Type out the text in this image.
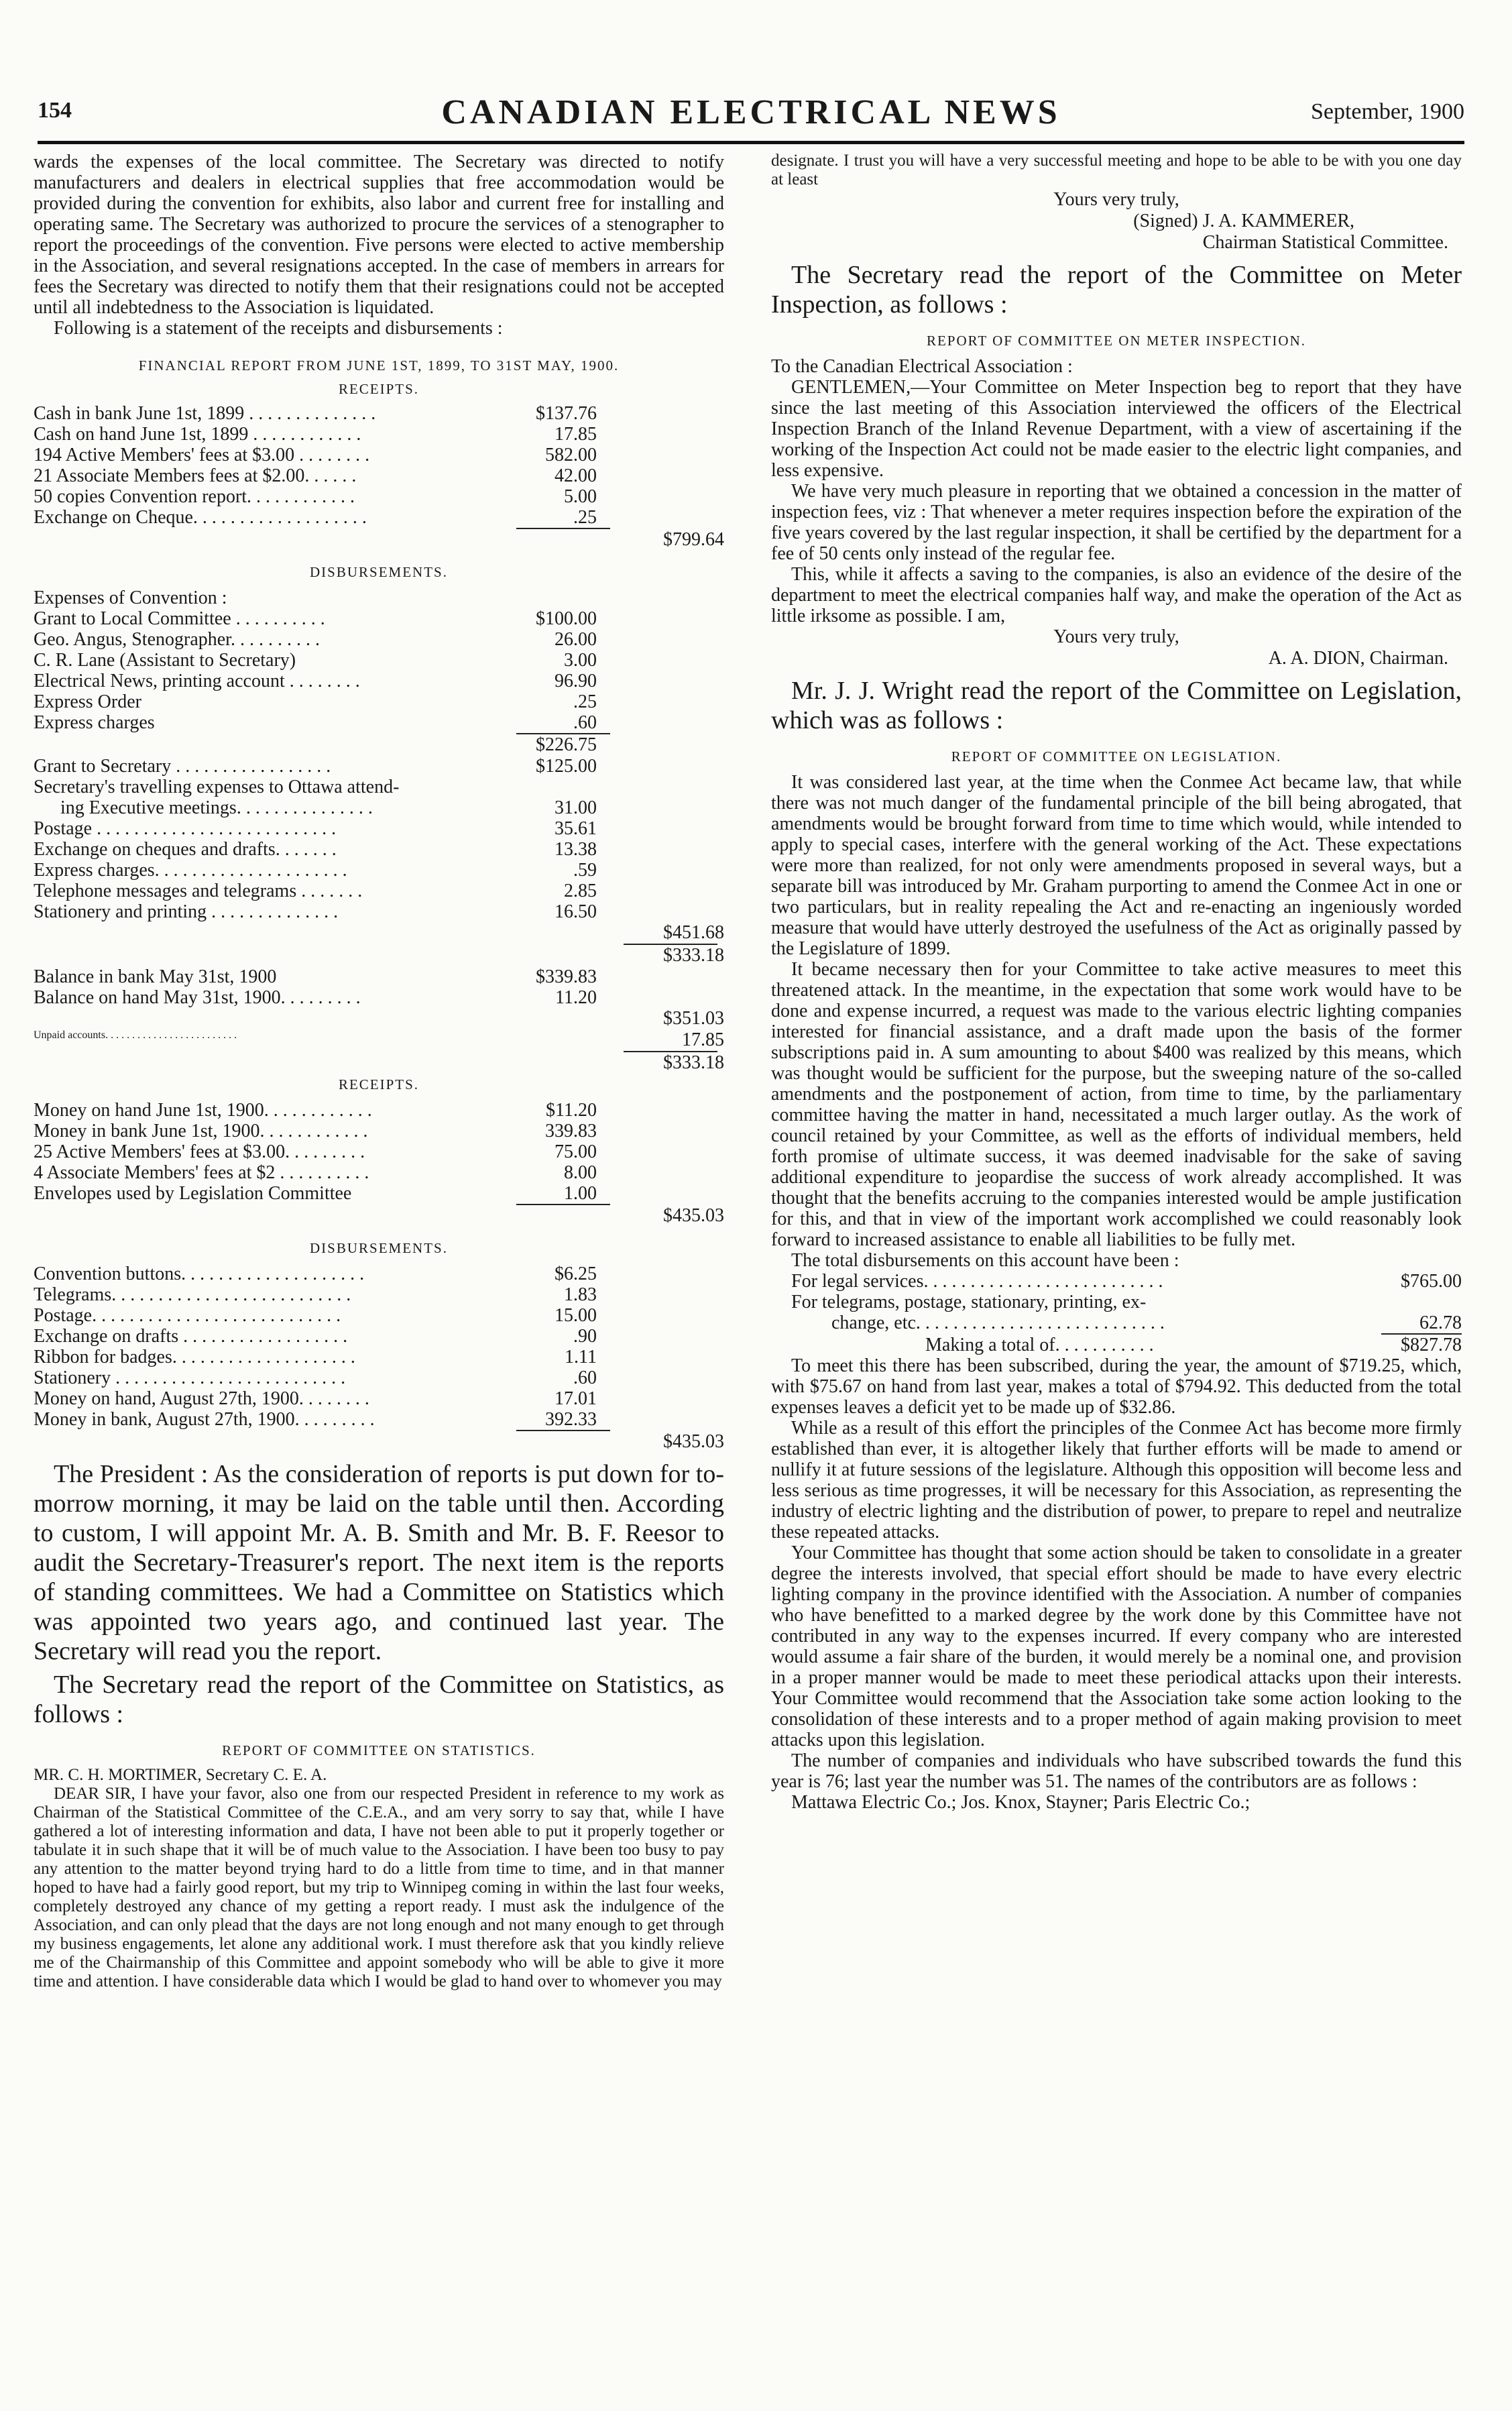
154	CANADIAN ELECTRICAL NEWS	September, 1900

wards the expenses of the local committee. The Secretary was directed to notify manufacturers and dealers in electrical supplies that free accommodation would be provided during the convention for exhibits, also labor and current free for installing and operating same. The Secretary was authorized to procure the services of a stenographer to report the proceedings of the convention. Five persons were elected to active membership in the Association, and several resignations accepted. In the case of members in arrears for fees the Secretary was directed to notify them that their resignations could not be accepted until all indebtedness to the Association is liquidated.

Following is a statement of the receipts and disbursements :

FINANCIAL REPORT FROM JUNE 1ST, 1899, TO 31ST MAY, 1900.

RECEIPTS.

Cash in bank June 1st, 1899 . . . . . . . . . . . . . .	$137.76
Cash on hand June 1st, 1899 . . . . . . . . . . . .	17.85
194 Active Members' fees at $3.00 . . . . . . . .	582.00
21 Associate Members fees at $2.00. . . . . .	42.00
50 copies Convention report. . . . . . . . . . . .	5.00
Exchange on Cheque. . . . . . . . . . . . . . . . . . .	.25
$799.64

DISBURSEMENTS.

Expenses of Convention :

Grant to Local Committee . . . . . . . . . .	$100.00
Geo. Angus, Stenographer. . . . . . . . . .	26.00
C. R. Lane (Assistant to Secretary)	3.00
Electrical News, printing account . . . . . . . .	96.90
Express Order	.25
Express charges	.60
$226.75
Grant to Secretary . . . . . . . . . . . . . . . . .	$125.00
Secretary's travelling expenses to Ottawa attend-
ing Executive meetings. . . . . . . . . . . . . . .	31.00
Postage . . . . . . . . . . . . . . . . . . . . . . . . . .	35.61
Exchange on cheques and drafts. . . . . . .	13.38
Express charges. . . . . . . . . . . . . . . . . . . . .	.59
Telephone messages and telegrams . . . . . . .	2.85
Stationery and printing . . . . . . . . . . . . . .	16.50
$451.68
$333.18
Balance in bank May 31st, 1900	$339.83
Balance on hand May 31st, 1900. . . . . . . . .	11.20
$351.03
Unpaid accounts. . . . . . . . . . . . . . . . . . . . . . . . .	17.85
$333.18

RECEIPTS.

Money on hand June 1st, 1900. . . . . . . . . . . .	$11.20
Money in bank June 1st, 1900. . . . . . . . . . . .	339.83
25 Active Members' fees at $3.00. . . . . . . . .	75.00
4 Associate Members' fees at $2 . . . . . . . . . .	8.00
Envelopes used by Legislation Committee	1.00
$435.03

DISBURSEMENTS.

Convention buttons. . . . . . . . . . . . . . . . . . . .	$6.25
Telegrams. . . . . . . . . . . . . . . . . . . . . . . . . .	1.83
Postage. . . . . . . . . . . . . . . . . . . . . . . . . . .	15.00
Exchange on drafts . . . . . . . . . . . . . . . . . .	.90
Ribbon for badges. . . . . . . . . . . . . . . . . . . .	1.11
Stationery . . . . . . . . . . . . . . . . . . . . . . . . .	.60
Money on hand, August 27th, 1900. . . . . . . .	17.01
Money in bank, August 27th, 1900. . . . . . . . .	392.33
$435.03

The President : As the consideration of reports is put down for to-morrow morning, it may be laid on the table until then. According to custom, I will appoint Mr. A. B. Smith and Mr. B. F. Reesor to audit the Secretary-Treasurer's report. The next item is the reports of standing committees. We had a Committee on Statistics which was appointed two years ago, and continued last year. The Secretary will read you the report.

The Secretary read the report of the Committee on Statistics, as follows :

REPORT OF COMMITTEE ON STATISTICS.

MR. C. H. MORTIMER, Secretary C. E. A.

DEAR SIR, I have your favor, also one from our respected President in reference to my work as Chairman of the Statistical Committee of the C.E.A., and am very sorry to say that, while I have gathered a lot of interesting information and data, I have not been able to put it properly together or tabulate it in such shape that it will be of much value to the Association. I have been too busy to pay any attention to the matter beyond trying hard to do a little from time to time, and in that manner hoped to have had a fairly good report, but my trip to Winnipeg coming in within the last four weeks, completely destroyed any chance of my getting a report ready. I must ask the indulgence of the Association, and can only plead that the days are not long enough and not many enough to get through my business engagements, let alone any additional work. I must therefore ask that you kindly relieve me of the Chairmanship of this Committee and appoint somebody who will be able to give it more time and attention. I have considerable data which I would be glad to hand over to whomever you may

designate. I trust you will have a very successful meeting and hope to be able to be with you one day at least

Yours very truly,

(Signed) J. A. KAMMERER,

Chairman Statistical Committee.

The Secretary read the report of the Committee on Meter Inspection, as follows :

REPORT OF COMMITTEE ON METER INSPECTION.

To the Canadian Electrical Association :

GENTLEMEN,—Your Committee on Meter Inspection beg to report that they have since the last meeting of this Association interviewed the officers of the Electrical Inspection Branch of the Inland Revenue Department, with a view of ascertaining if the working of the Inspection Act could not be made easier to the electric light companies, and less expensive.

We have very much pleasure in reporting that we obtained a concession in the matter of inspection fees, viz : That whenever a meter requires inspection before the expiration of the five years covered by the last regular inspection, it shall be certified by the department for a fee of 50 cents only instead of the regular fee.

This, while it affects a saving to the companies, is also an evidence of the desire of the department to meet the electrical companies half way, and make the operation of the Act as little irksome as possible. I am,

Yours very truly,

A. A. DION, Chairman.

Mr. J. J. Wright read the report of the Committee on Legislation, which was as follows :

REPORT OF COMMITTEE ON LEGISLATION.

It was considered last year, at the time when the Conmee Act became law, that while there was not much danger of the fundamental principle of the bill being abrogated, that amendments would be brought forward from time to time which would, while intended to apply to special cases, interfere with the general working of the Act. These expectations were more than realized, for not only were amendments proposed in several ways, but a separate bill was introduced by Mr. Graham purporting to amend the Conmee Act in one or two particulars, but in reality repealing the Act and re-enacting an ingeniously worded measure that would have utterly destroyed the usefulness of the Act as originally passed by the Legislature of 1899.

It became necessary then for your Committee to take active measures to meet this threatened attack. In the meantime, in the expectation that some work would have to be done and expense incurred, a request was made to the various electric lighting companies interested for financial assistance, and a draft made upon the basis of the former subscriptions paid in. A sum amounting to about $400 was realized by this means, which was thought would be sufficient for the purpose, but the sweeping nature of the so-called amendments and the postponement of action, from time to time, by the parliamentary committee having the matter in hand, necessitated a much larger outlay. As the work of council retained by your Committee, as well as the efforts of individual members, held forth promise of ultimate success, it was deemed inadvisable for the sake of saving additional expenditure to jeopardise the success of work already accomplished. It was thought that the benefits accruing to the companies interested would be ample justification for this, and that in view of the important work accomplished we could reasonably look forward to increased assistance to enable all liabilities to be fully met.

The total disbursements on this account have been :

For legal services. . . . . . . . . . . . . . . . . . . . . . . . . .	$765.00
For telegrams, postage, stationary, printing, ex-
change, etc. . . . . . . . . . . . . . . . . . . . . . . . . . .	62.78
Making a total of. . . . . . . . . . .	$827.78

To meet this there has been subscribed, during the year, the amount of $719.25, which, with $75.67 on hand from last year, makes a total of $794.92. This deducted from the total expenses leaves a deficit yet to be made up of $32.86.

While as a result of this effort the principles of the Conmee Act has become more firmly established than ever, it is altogether likely that further efforts will be made to amend or nullify it at future sessions of the legislature. Although this opposition will become less and less serious as time progresses, it will be necessary for this Association, as representing the industry of electric lighting and the distribution of power, to prepare to repel and neutralize these repeated attacks.

Your Committee has thought that some action should be taken to consolidate in a greater degree the interests involved, that special effort should be made to have every electric lighting company in the province identified with the Association. A number of companies who have benefitted to a marked degree by the work done by this Committee have not contributed in any way to the expenses incurred. If every company who are interested would assume a fair share of the burden, it would merely be a nominal one, and provision in a proper manner would be made to meet these periodical attacks upon their interests. Your Committee would recommend that the Association take some action looking to the consolidation of these interests and to a proper method of again making provision to meet attacks upon this legislation.

The number of companies and individuals who have subscribed towards the fund this year is 76; last year the number was 51. The names of the contributors are as follows :

Mattawa Electric Co.; Jos. Knox, Stayner; Paris Electric Co.;
